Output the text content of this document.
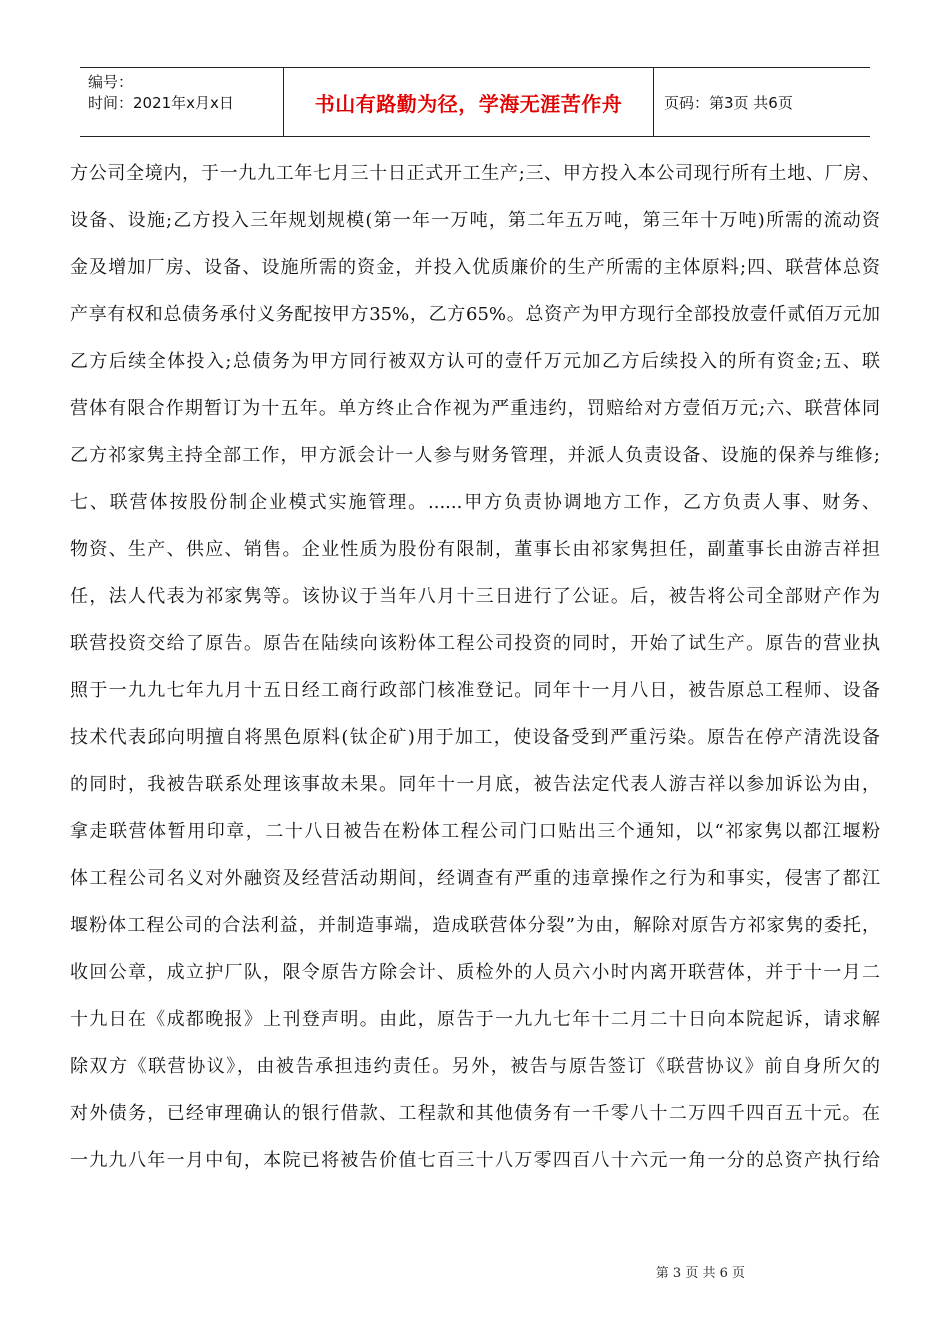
编号：
时间：2021年x月x日	书山有路勤为径，学海无涯苦作舟	页码：第3页 共6页
方公司全境内，于一九九工年七月三十日正式开工生产;三、甲方投入本公司现行所有土地、厂房、
设备、设施;乙方投入三年规划规模(第一年一万吨，第二年五万吨，第三年十万吨)所需的流动资
金及增加厂房、设备、设施所需的资金，并投入优质廉价的生产所需的主体原料;四、联营体总资
产享有权和总债务承付义务配按甲方35%，乙方65%。总资产为甲方现行全部投放壹仟贰佰万元加
乙方后续全体投入;总债务为甲方同行被双方认可的壹仟万元加乙方后续投入的所有资金;五、联
营体有限合作期暂订为十五年。单方终止合作视为严重违约，罚赔给对方壹佰万元;六、联营体同
乙方祁家隽主持全部工作，甲方派会计一人参与财务管理，并派人负责设备、设施的保养与维修;
七、联营体按股份制企业模式实施管理。......甲方负责协调地方工作，乙方负责人事、财务、
物资、生产、供应、销售。企业性质为股份有限制，董事长由祁家隽担任，副董事长由游吉祥担
任，法人代表为祁家隽等。该协议于当年八月十三日进行了公证。后，被告将公司全部财产作为
联营投资交给了原告。原告在陆续向该粉体工程公司投资的同时，开始了试生产。原告的营业执
照于一九九七年九月十五日经工商行政部门核准登记。同年十一月八日，被告原总工程师、设备
技术代表邱向明擅自将黑色原料(钛企矿)用于加工，使设备受到严重污染。原告在停产清洗设备
的同时，我被告联系处理该事故未果。同年十一月底，被告法定代表人游吉祥以参加诉讼为由，
拿走联营体暂用印章，二十八日被告在粉体工程公司门口贴出三个通知，以“祁家隽以都江堰粉
体工程公司名义对外融资及经营活动期间，经调查有严重的违章操作之行为和事实，侵害了都江
堰粉体工程公司的合法利益，并制造事端，造成联营体分裂”为由，解除对原告方祁家隽的委托，
收回公章，成立护厂队，限令原告方除会计、质检外的人员六小时内离开联营体，并于十一月二
十九日在《成都晚报》上刊登声明。由此，原告于一九九七年十二月二十日向本院起诉，请求解
除双方《联营协议》，由被告承担违约责任。另外，被告与原告签订《联营协议》前自身所欠的
对外债务，已经审理确认的银行借款、工程款和其他债务有一千零八十二万四千四百五十元。在
一九九八年一月中旬，本院已将被告价值七百三十八万零四百八十六元一角一分的总资产执行给
第 3 页 共 6 页
